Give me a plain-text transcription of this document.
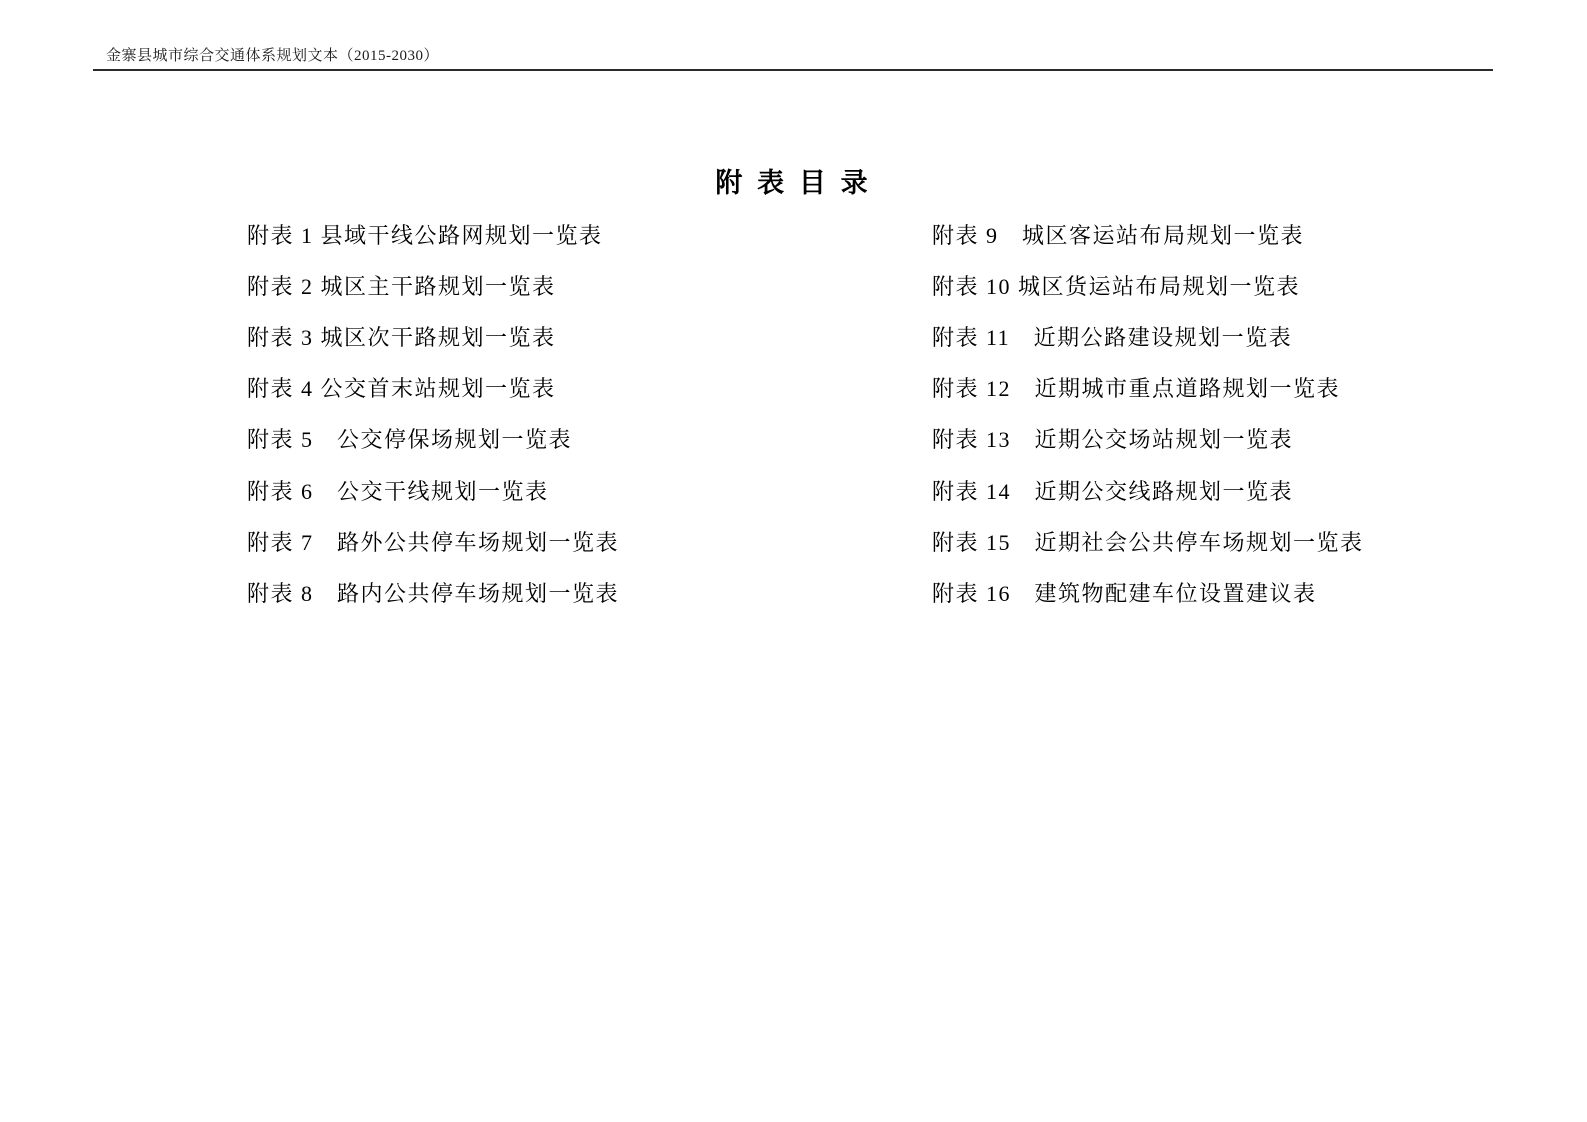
金寨县城市综合交通体系规划文本（2015-2030）
附 表 目 录
附表 1 县域干线公路网规划一览表
附表 2 城区主干路规划一览表
附表 3 城区次干路规划一览表
附表 4 公交首末站规划一览表
附表 5　公交停保场规划一览表
附表 6　公交干线规划一览表
附表 7　路外公共停车场规划一览表
附表 8　路内公共停车场规划一览表
附表 9　城区客运站布局规划一览表
附表 10 城区货运站布局规划一览表
附表 11　近期公路建设规划一览表
附表 12　近期城市重点道路规划一览表
附表 13　近期公交场站规划一览表
附表 14　近期公交线路规划一览表
附表 15　近期社会公共停车场规划一览表
附表 16　建筑物配建车位设置建议表
